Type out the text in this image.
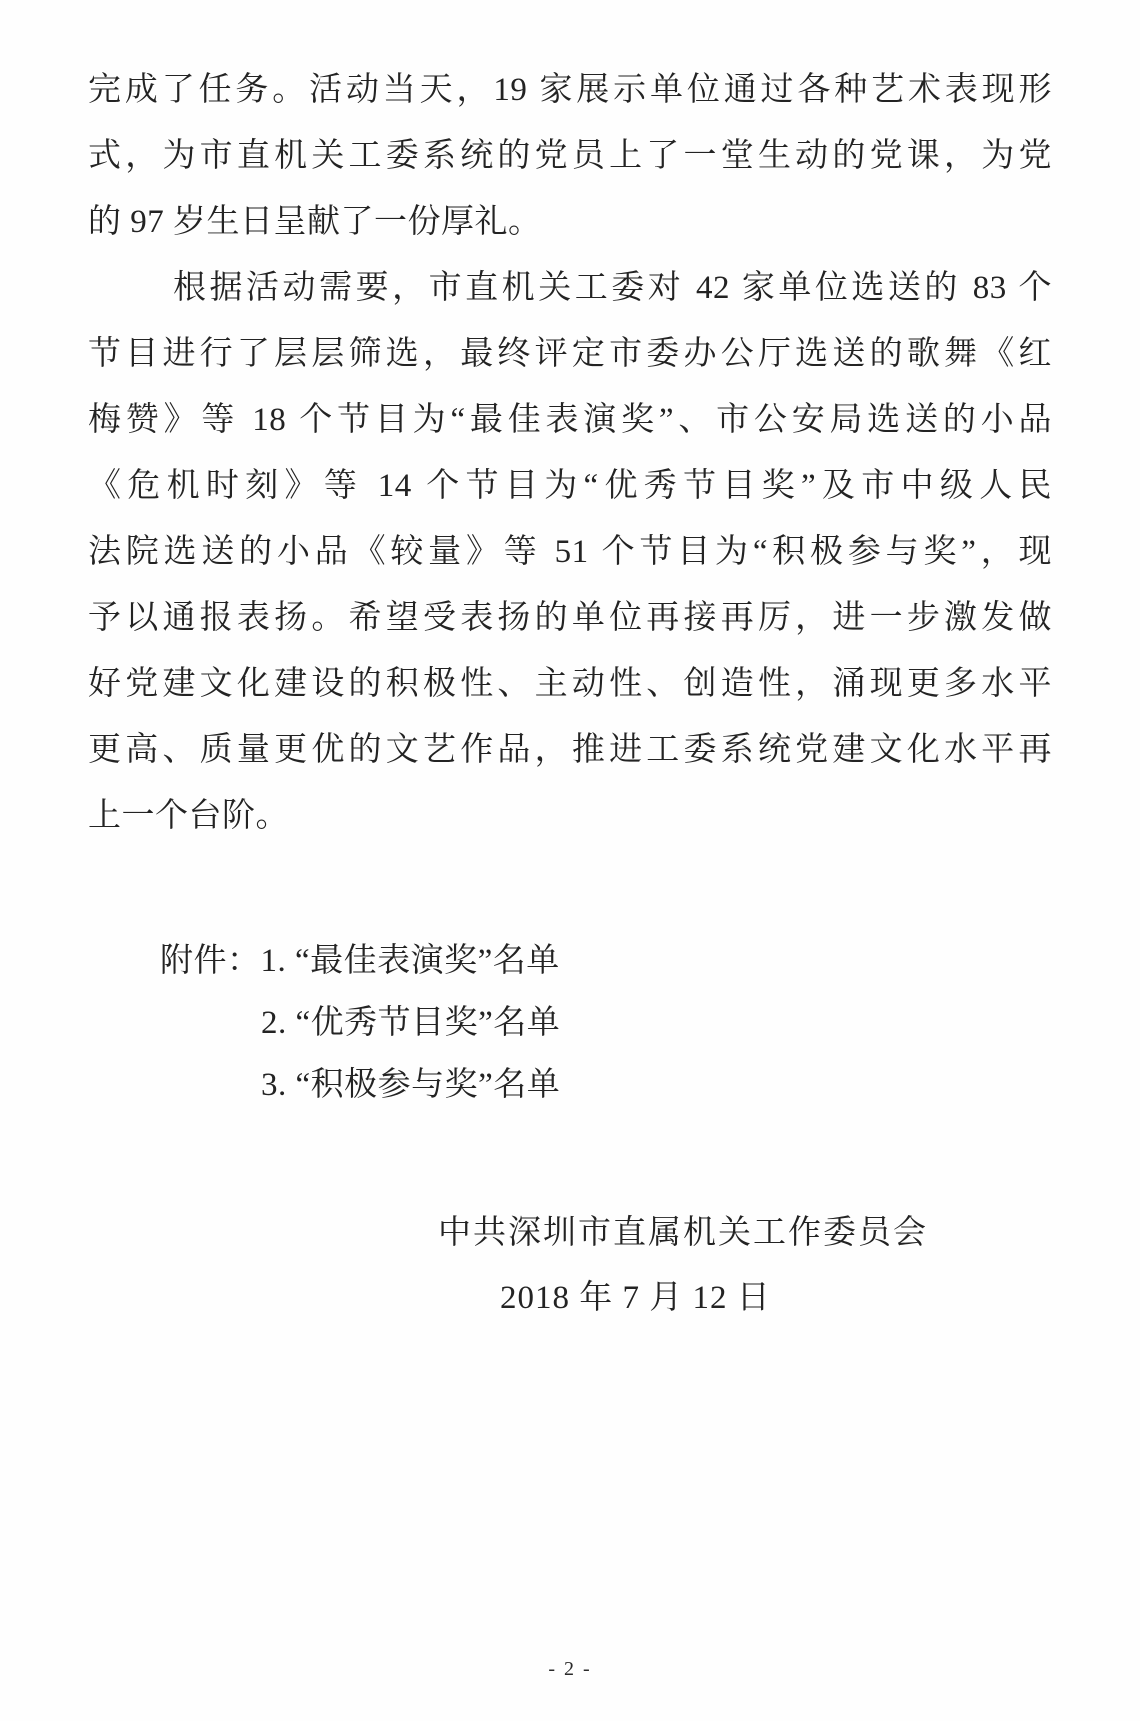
完成了任务。活动当天，19 家展示单位通过各种艺术表现形
式，为市直机关工委系统的党员上了一堂生动的党课，为党
的 97 岁生日呈献了一份厚礼。
根据活动需要，市直机关工委对 42 家单位选送的 83 个
节目进行了层层筛选，最终评定市委办公厅选送的歌舞《红
梅赞》等 18 个节目为“最佳表演奖”、市公安局选送的小品
《危机时刻》等 14 个节目为“优秀节目奖”及市中级人民
法院选送的小品《较量》等 51 个节目为“积极参与奖”，现
予以通报表扬。希望受表扬的单位再接再厉，进一步激发做
好党建文化建设的积极性、主动性、创造性，涌现更多水平
更高、质量更优的文艺作品，推进工委系统党建文化水平再
上一个台阶。
附件：1. “最佳表演奖”名单
2. “优秀节目奖”名单
3. “积极参与奖”名单
中共深圳市直属机关工作委员会
2018 年 7 月 12 日
- 2 -
